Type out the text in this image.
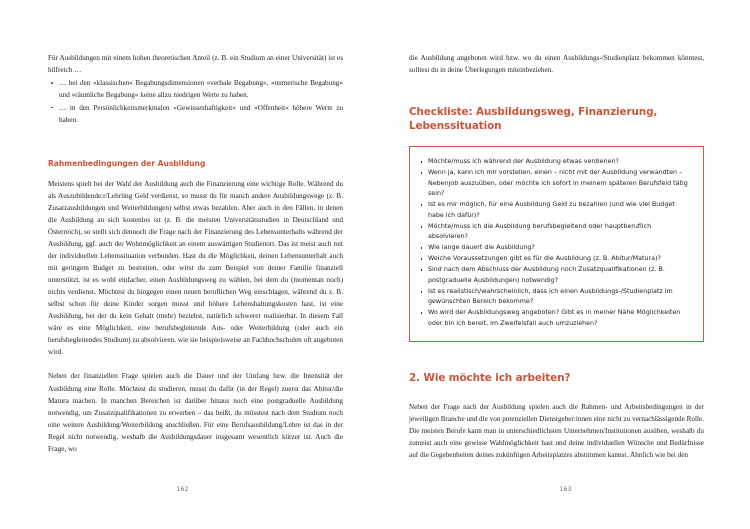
Für Ausbildungen mit einem hohen theoretischen Anteil (z. B. ein Studium an einer Universität) ist es hilfreich …

… bei den »klassischen« Begabungsdimensionen »verbale Begabung«, »numerische Begabung« und »räumliche Begabung« keine allzu niedrigen Werte zu haben.
… in den Persönlichkeitsmerkmalen »Gewissenhaftigkeit« und »Offenheit« höhere Werte zu haben.
Rahmenbedingungen der Ausbildung

Meistens spielt bei der Wahl der Ausbildung auch die Finanzierung eine wichtige Rolle. Während du als Auszubildende:r/Lehrling Geld verdienst, so musst du für manch andere Ausbildungswege (z. B. Zusatzausbildungen und Weiterbildungen) selbst etwas bezahlen. Aber auch in den Fällen, in denen die Ausbildung an sich kostenlos ist (z. B. die meisten Universitätsstudien in Deutschland und Österreich), so stellt sich dennoch die Frage nach der Finanzierung des Lebensunterhalts während der Ausbildung, ggf. auch der Wohnmöglichkeit an einem auswärtigen Studienort. Das ist meist auch mit der individuellen Lebenssituation verbunden. Hast du die Möglichkeit, deinen Lebensunterhalt auch mit geringem Budget zu bestreiten, oder wirst du zum Beispiel von deiner Familie finanziell unterstützt, ist es wohl einfacher, einen Ausbildungsweg zu wählen, bei dem du (momentan noch) nichts verdienst. Möchtest du hingegen einen neuen beruflichen Weg einschlagen, während du z. B. selbst schon für deine Kinder sorgen musst und höhere Lebenshaltungskosten hast, ist eine Ausbildung, bei der du kein Gehalt (mehr) beziehst, natürlich schwerer realisierbar. In diesem Fall wäre es eine Möglichkeit, eine berufsbegleitende Aus- oder Weiterbildung (oder auch ein berufsbegleitendes Studium) zu absolvieren, wie sie beispielsweise an Fachhochschulen oft angeboten wird.

Neben der finanziellen Frage spielen auch die Dauer und der Umfang bzw. die Intensität der Ausbildung eine Rolle. Möchtest du studieren, musst du dafür (in der Regel) zuerst das Abitur/die Matura machen. In manchen Bereichen ist darüber hinaus noch eine postgraduelle Ausbildung notwendig, um Zusatzqualifikationen zu erwerben – das heißt, du müsstest nach dem Studium noch eine weitere Ausbildung/Weiterbildung anschließen. Für eine Berufsausbildung/Lehre ist das in der Regel nicht notwendig, weshalb die Ausbildungsdauer insgesamt wesentlich kürzer ist. Auch die Frage, wo

162

die Ausbildung angeboten wird bzw. wo du einen Ausbildungs-/Studienplatz bekommen könntest, solltest du in deine Überlegungen miteinbeziehen.

Checkliste: Ausbildungsweg, Finanzierung, Lebenssituation
Möchte/muss ich während der Ausbildung etwas verdienen?
Wenn ja, kann ich mir vorstellen, einen – nicht mit der Ausbildung verwandten – Nebenjob auszuüben, oder möchte ich sofort in meinem späteren Berufsfeld tätig sein?
Ist es mir möglich, für eine Ausbildung Geld zu bezahlen (und wie viel Budget habe ich dafür)?
Möchte/muss ich die Ausbildung berufsbegleitend oder hauptberuflich absolvieren?
Wie lange dauert die Ausbildung?
Welche Voraussetzungen gibt es für die Ausbildung (z. B. Abitur/Matura)?
Sind nach dem Abschluss der Ausbildung noch Zusatzqualifikationen (z. B. postgraduelle Ausbildungen) notwendig?
Ist es realistisch/wahrscheinlich, dass ich einen Ausbildungs-/Studienplatz im gewünschten Bereich bekomme?
Wo wird der Ausbildungsweg angeboten? Gibt es in meiner Nähe Möglichkeiten oder bin ich bereit, im Zweifelsfall auch umzuziehen?
2. Wie möchte ich arbeiten?

Neben der Frage nach der Ausbildung spielen auch die Rahmen- und Arbeitsbedingungen in der jeweiligen Branche und die von potenziellen Dienstgeber:innen eine nicht zu vernachlässigende Rolle. Die meisten Berufe kann man in unterschiedlichsten Unternehmen/Institutionen ausüben, weshalb du zumeist auch eine gewisse Wahlmöglichkeit hast und deine individuellen Wünsche und Bedürfnisse auf die Gegebenheiten deines zukünftigen Arbeitsplatzes abstimmen kannst. Ähnlich wie bei den

163
